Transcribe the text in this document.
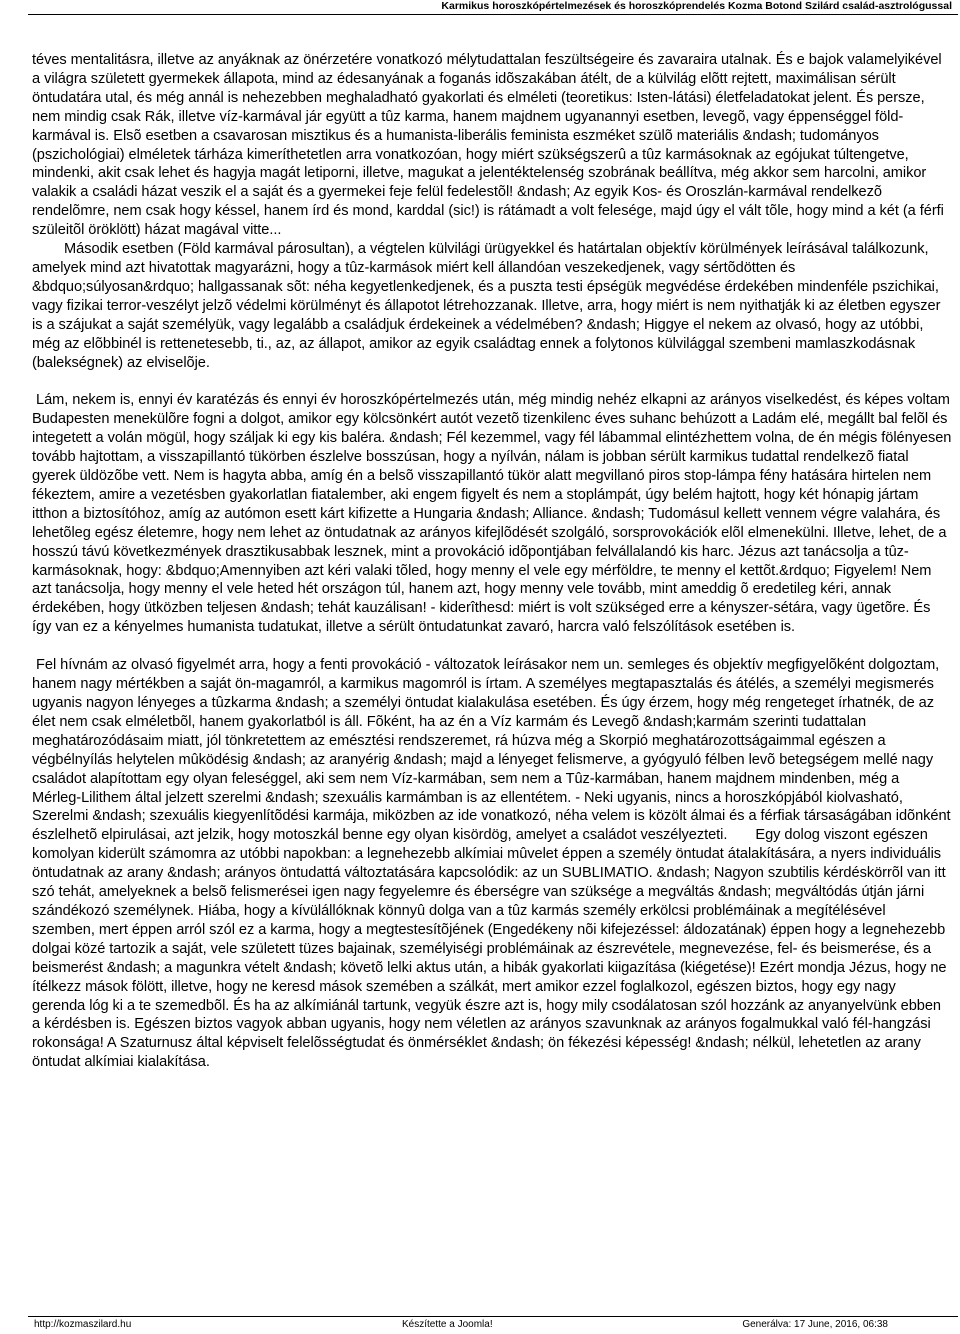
Karmikus horoszkópértelmezések és horoszkóprendelés Kozma Botond Szilárd család-asztrológussal

téves mentalitásra, illetve az anyáknak az önérzetére vonatkozó mélytudattalan feszültségeire és zavaraira utalnak. És e bajok valamelyikével a világra született gyermekek állapota, mind az édesanyának a foganás idõszakában átélt, de a külvilág elõtt rejtett, maximálisan sérült öntudatára utal, és még annál is nehezebben meghaladható gyakorlati és elméleti (teoretikus: Isten-látási) életfeladatokat jelent. És persze, nem mindig csak Rák, illetve víz-karmával jár együtt a tûz karma, hanem majdnem ugyanannyi esetben, levegõ, vagy éppenséggel föld-karmával is. Elsõ esetben a csavarosan misztikus és a humanista-liberális feminista eszméket szülõ materiális &ndash; tudományos (pszichológiai) elméletek tárháza kimeríthetetlen arra vonatkozóan, hogy miért szükségszerû a tûz karmásoknak az egójukat túltengetve, mindenki, akit csak lehet és hagyja magát letiporni, illetve, magukat a jelentéktelenség szobrának beállítva, még akkor sem harcolni, amikor valakik a családi házat veszik el a saját és a gyermekei feje felül fedelestõl! &ndash; Az egyik Kos- és Oroszlán-karmával rendelkezõ rendelõmre, nem csak hogy késsel, hanem írd és mond, karddal (sic!) is rátámadt a volt felesége, majd úgy el vált tõle, hogy mind a két (a férfi szüleitõl öröklött) házat magával vitte...

Második esetben (Föld karmával párosultan), a végtelen külvilági ürügyekkel és határtalan objektív körülmények leírásával találkozunk, amelyek mind azt hivatottak magyarázni, hogy a tûz-karmások miért kell állandóan veszekedjenek, vagy sértõdötten és &bdquo;súlyosan&rdquo; hallgassanak sõt: néha kegyetlenkedjenek, és a puszta testi épségük megvédése érdekében mindenféle pszichikai, vagy fizikai terror-veszélyt jelzõ védelmi körülményt és állapotot létrehozzanak. Illetve, arra, hogy miért is nem nyithatják ki az életben egyszer is a szájukat a saját személyük, vagy legalább a családjuk érdekeinek a védelmében? &ndash; Higgye el nekem az olvasó, hogy az utóbbi, még az elõbbinél is rettenetesebb, ti., az, az állapot, amikor az egyik családtag ennek a folytonos külvilággal szembeni mamlaszkodásnak (balekségnek) az elviselõje.

Lám, nekem is, ennyi év karatézás és ennyi év horoszkópértelmezés után, még mindig nehéz elkapni az arányos viselkedést, és képes voltam Budapesten menekülõre fogni a dolgot, amikor egy kölcsönkért autót vezetõ tizenkilenc éves suhanc behúzott a Ladám elé, megállt bal felõl és integetett a volán mögül, hogy száljak ki egy kis baléra. &ndash; Fél kezemmel, vagy fél lábammal elintézhettem volna, de én mégis fölényesen tovább hajtottam, a visszapillantó tükörben észlelve bosszúsan, hogy a nyílván, nálam is jobban sérült karmikus tudattal rendelkezõ fiatal gyerek üldözõbe vett. Nem is hagyta abba, amíg én a belsõ visszapillantó tükör alatt megvillanó piros stop-lámpa fény hatására hirtelen nem fékeztem, amire a vezetésben gyakorlatlan fiatalember, aki engem figyelt és nem a stoplámpát, úgy belém hajtott, hogy két hónapig jártam itthon a biztosítóhoz, amíg az autómon esett kárt kifizette a Hungaria &ndash; Alliance. &ndash; Tudomásul kellett vennem végre valahára, és lehetõleg egész életemre, hogy nem lehet az öntudatnak az arányos kifejlõdését szolgáló, sorsprovokációk elõl elmenekülni. Illetve, lehet, de a hosszú távú következmények drasztikusabbak lesznek, mint a provokáció idõpontjában felvállalandó kis harc. Jézus azt tanácsolja a tûz-karmásoknak, hogy: &bdquo;Amennyiben azt kéri valaki tõled, hogy menny el vele egy mérföldre, te menny el kettõt.&rdquo; Figyelem! Nem azt tanácsolja, hogy menny el vele heted hét országon túl, hanem azt, hogy menny vele tovább, mint ameddig õ eredetileg kéri, annak érdekében, hogy ütközben teljesen &ndash; tehát kauzálisan! - kiderîthesd: miért is volt szükséged erre a kényszer-sétára, vagy ügetõre. És így van ez a kényelmes humanista tudatukat, illetve a sérült öntudatunkat zavaró, harcra való felszólítások esetében is.

Fel hívnám az olvasó figyelmét arra, hogy a fenti provokáció - változatok leírásakor nem un. semleges és objektív megfigyelõként dolgoztam, hanem nagy mértékben a saját ön-magamról, a karmikus magomról is írtam. A személyes megtapasztalás és átélés, a személyi megismerés ugyanis nagyon lényeges a tûzkarma &ndash; a személyi öntudat kialakulása esetében. És úgy érzem, hogy még rengeteget írhatnék, de az élet nem csak elméletbõl, hanem gyakorlatból is áll. Fõként, ha az én a Víz karmám és Levegõ &ndash;karmám szerinti tudattalan meghatározódásaim miatt, jól tönkretettem az emésztési rendszeremet, rá húzva még a Skorpió meghatározottságaimmal egészen a végbélnyílás helytelen mûködésig &ndash; az aranyérig &ndash; majd a lényeget felismerve, a gyógyuló félben levõ betegségem mellé nagy családot alapítottam egy olyan feleséggel, aki sem nem Víz-karmában, sem nem a Tûz-karmában, hanem majdnem mindenben, még a Mérleg-Lilithem által jelzett szerelmi &ndash; szexuális karmámban is az ellentétem. - Neki ugyanis, nincs a horoszkópjából kiolvasható, Szerelmi &ndash; szexuális kiegyenlítõdési karmája, miközben az ide vonatkozó, néha velem is közölt álmai és a férfiak társaságában idõnként észlelhetõ elpirulásai, azt jelzik, hogy motoszkál benne egy olyan kisördög, amelyet a családot veszélyezteti.       Egy dolog viszont egészen komolyan kiderült számomra az utóbbi napokban: a legnehezebb alkímiai mûvelet éppen a személy öntudat átalakítására, a nyers individuális öntudatnak az arany &ndash; arányos öntudattá változtatására kapcsolódik: az un SUBLIMATIO. &ndash; Nagyon szubtilis kérdéskörrõl van itt szó tehát, amelyeknek a belsõ felismerései igen nagy fegyelemre és éberségre van szüksége a megváltás &ndash; megváltódás útján járni szándékozó személynek. Hiába, hogy a kívülállóknak könnyû dolga van a tûz karmás személy erkölcsi problémáinak a megítélésével szemben, mert éppen arról szól ez a karma, hogy a megtestesítõjének (Engedékeny nõi kifejezéssel: áldozatának) éppen hogy a legnehezebb dolgai közé tartozik a saját, vele született tüzes bajainak, személyiségi problémáinak az észrevétele, megnevezése, fel- és beismerése, és a beismerést &ndash; a magunkra vételt &ndash; követõ lelki aktus után, a hibák gyakorlati kiigazítása (kiégetése)! Ezért mondja Jézus, hogy ne ítélkezz mások fölött, illetve, hogy ne keresd mások szemében a szálkát, mert amikor ezzel foglalkozol, egészen biztos, hogy egy nagy gerenda lóg ki a te szemedbõl. És ha az alkímiánál tartunk, vegyük észre azt is, hogy mily csodálatosan szól hozzánk az anyanyelvünk ebben a kérdésben is. Egészen biztos vagyok abban ugyanis, hogy nem véletlen az arányos szavunknak az arányos fogalmukkal való fél-hangzási rokonsága! A Szaturnusz által képviselt felelõsségtudat és önmérséklet &ndash; ön fékezési képesség! &ndash; nélkül, lehetetlen az arany öntudat alkímiai kialakítása.

http://kozmaszilard.hu	Készítette a Joomla!	Generálva: 17 June, 2016, 06:38
